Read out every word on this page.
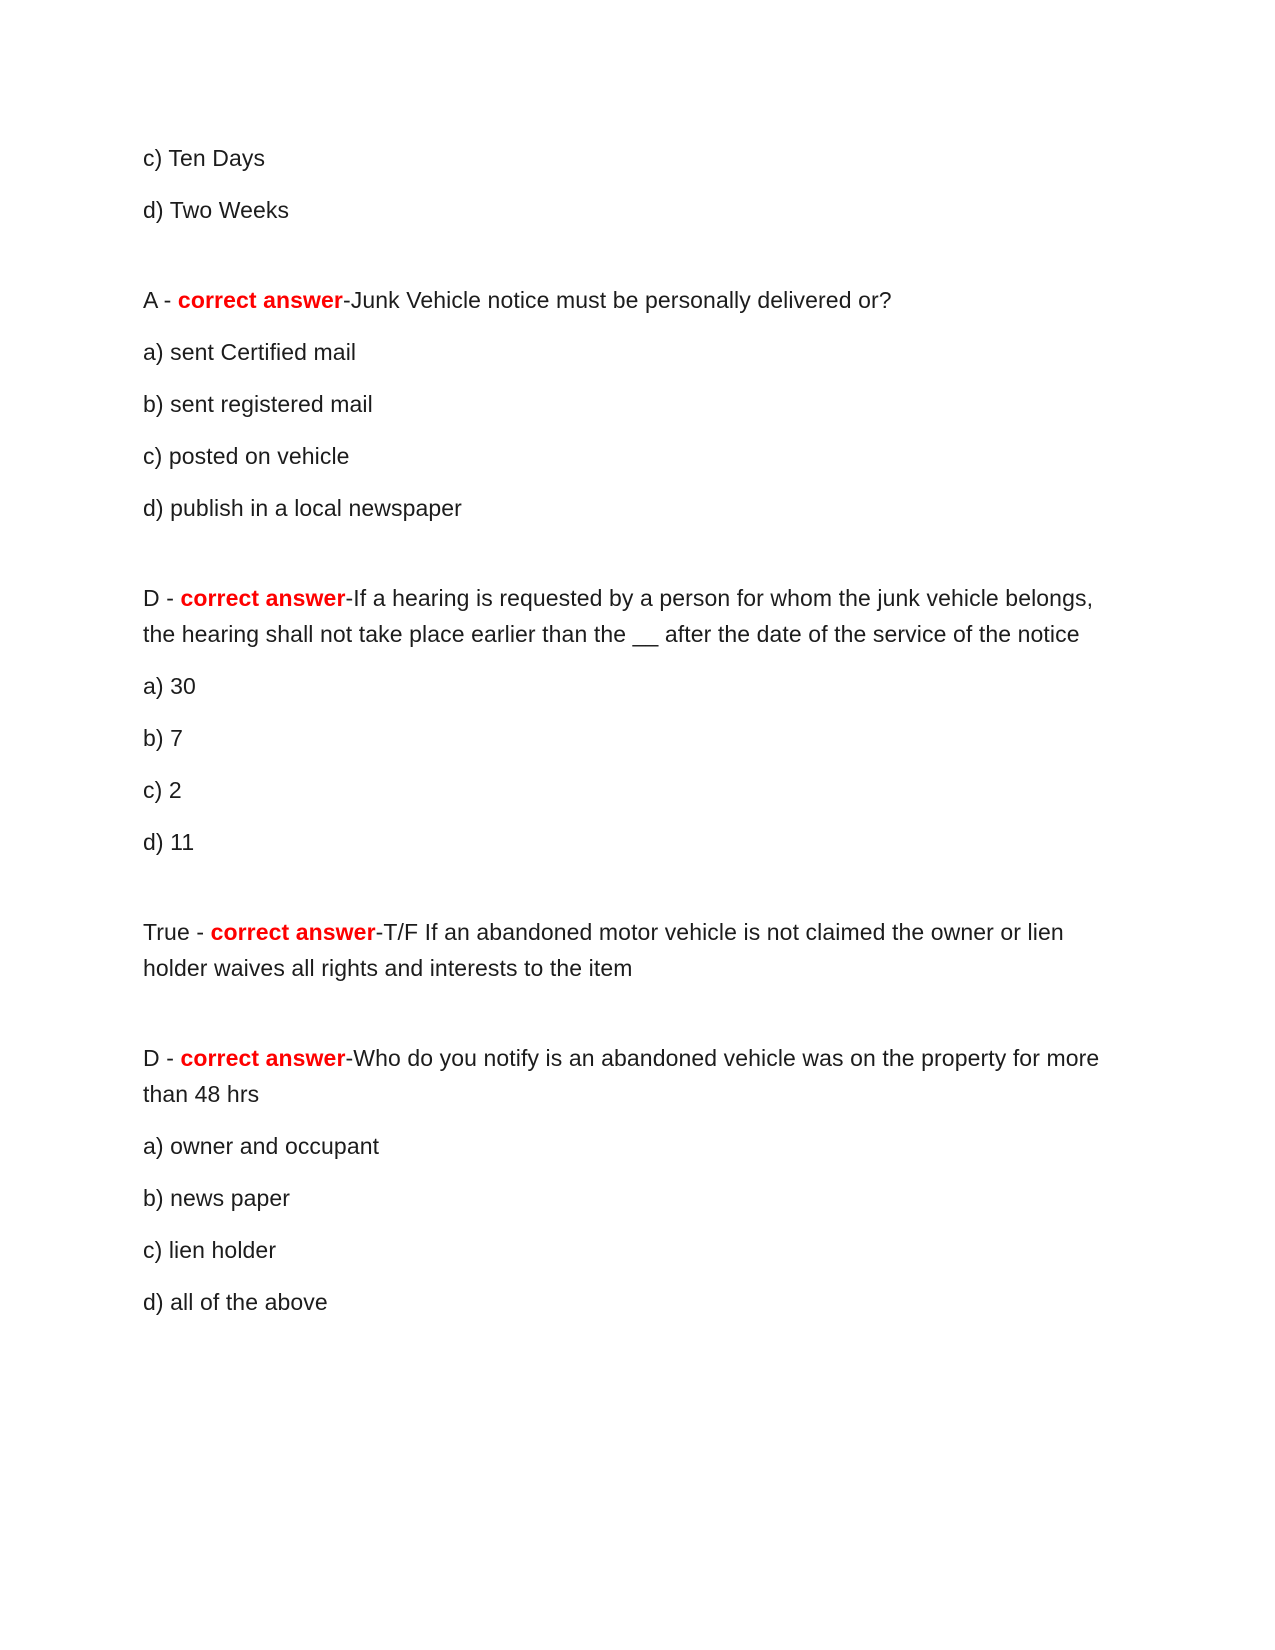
c) Ten Days

d) Two Weeks

A - correct answer-Junk Vehicle notice must be personally delivered or?

a) sent Certified mail

b) sent registered mail

c) posted on vehicle

d) publish in a local newspaper

D - correct answer-If a hearing is requested by a person for whom the junk vehicle belongs, the hearing shall not take place earlier than the __ after the date of the service of the notice

a) 30

b) 7

c) 2

d) 11

True - correct answer-T/F If an abandoned motor vehicle is not claimed the owner or lien holder waives all rights and interests to the item

D - correct answer-Who do you notify is an abandoned vehicle was on the property for more than 48 hrs

a) owner and occupant

b) news paper

c) lien holder

d) all of the above
